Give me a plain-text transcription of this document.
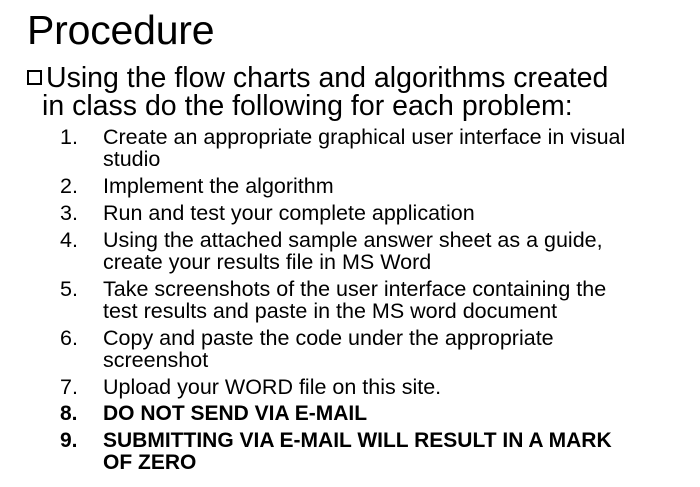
Procedure
Using the flow charts and algorithms created
in class do the following for each problem:
1.	Create an appropriate graphical user interface in visual
studio
2.	Implement the algorithm
3.	Run and test your complete application
4.	Using the attached sample answer sheet as a guide,
create your results file in MS Word
5.	Take screenshots of the user interface containing the
test results and paste in the MS word document
6.	Copy and paste the code under the appropriate
screenshot
7.	Upload your WORD file on this site.
8.	DO NOT SEND VIA E-MAIL
9.	SUBMITTING VIA E-MAIL WILL RESULT IN A MARK
OF ZERO
